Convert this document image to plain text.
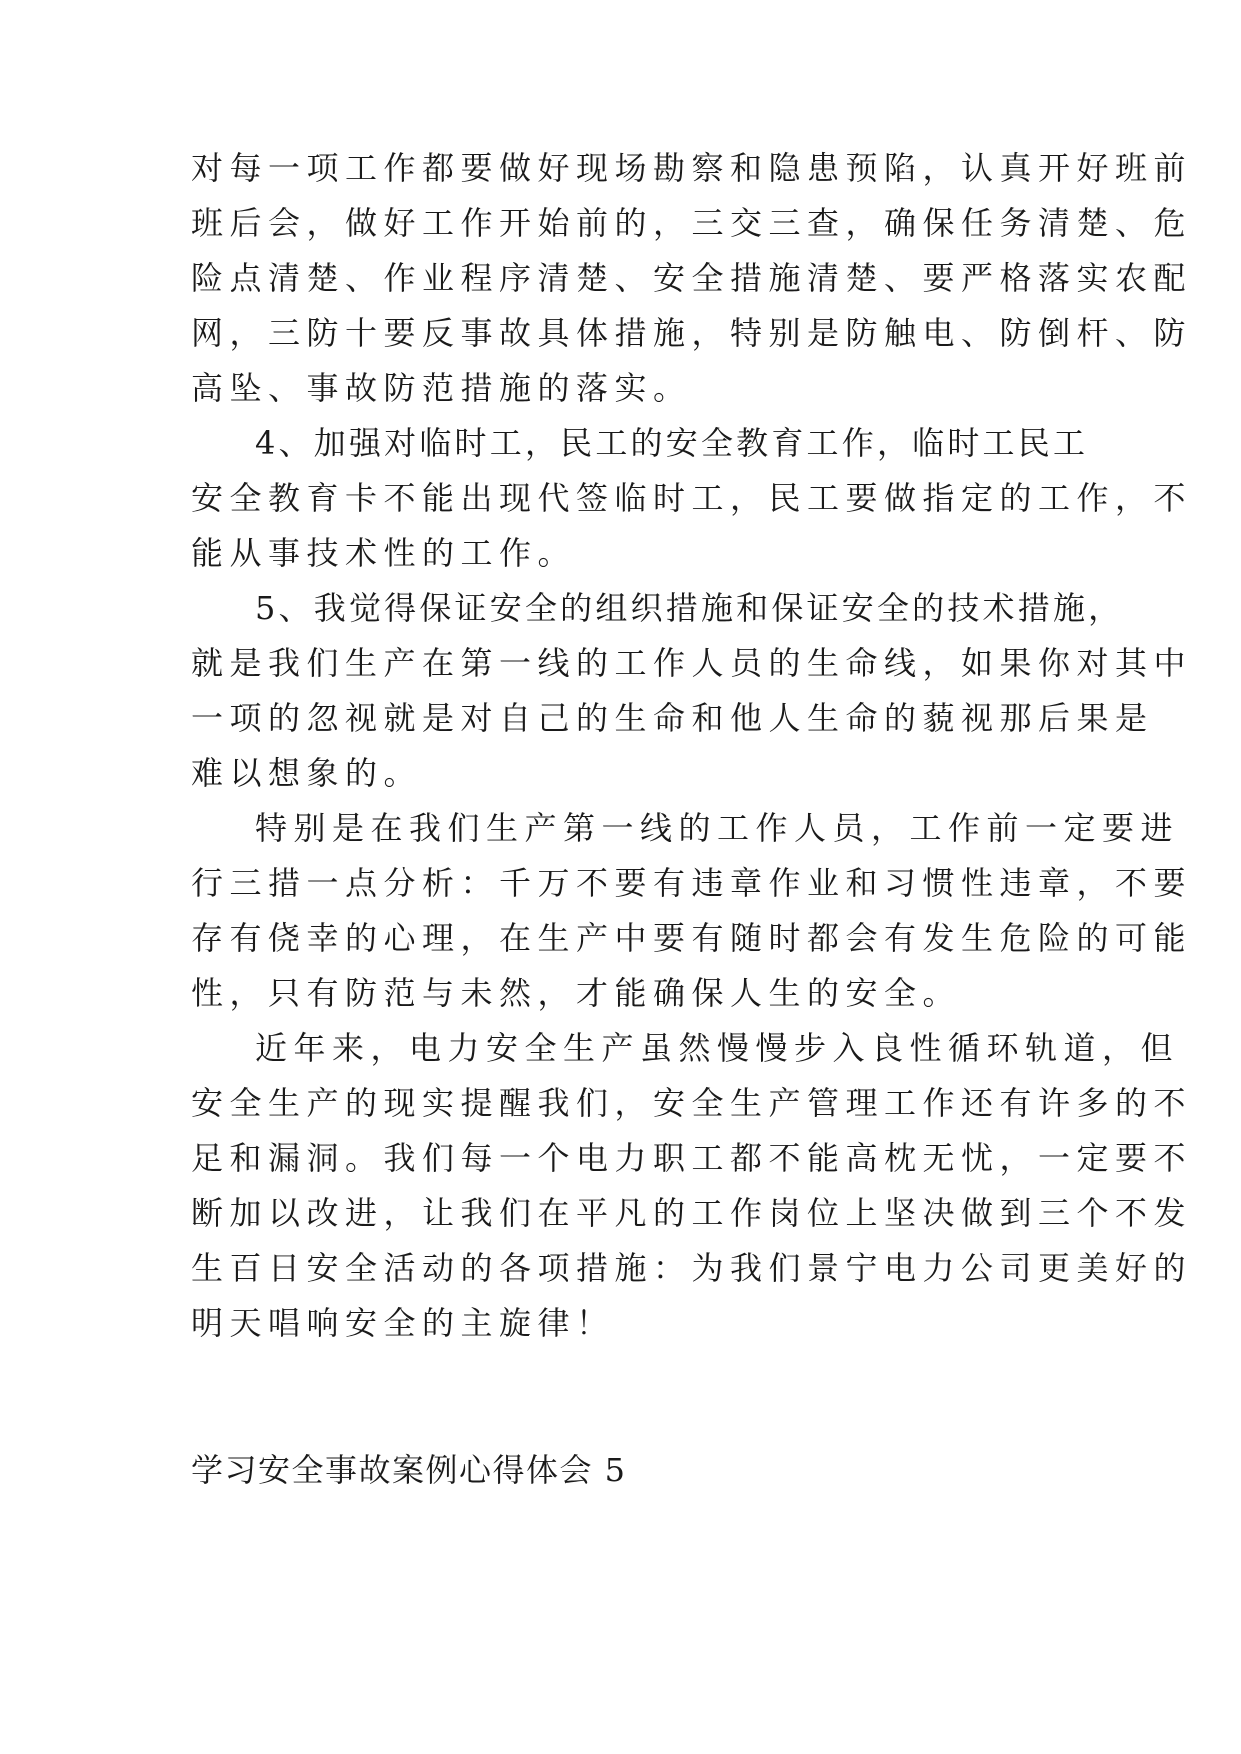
对每一项工作都要做好现场勘察和隐患预陷，认真开好班前
班后会，做好工作开始前的，三交三查，确保任务清楚、危
险点清楚、作业程序清楚、安全措施清楚、要严格落实农配
网，三防十要反事故具体措施，特别是防触电、防倒杆、防
高坠、事故防范措施的落实。
4、加强对临时工，民工的安全教育工作，临时工民工
安全教育卡不能出现代签临时工，民工要做指定的工作，不
能从事技术性的工作。
5、我觉得保证安全的组织措施和保证安全的技术措施，
就是我们生产在第一线的工作人员的生命线，如果你对其中
一项的忽视就是对自己的生命和他人生命的藐视那后果是
难以想象的。
特别是在我们生产第一线的工作人员，工作前一定要进
行三措一点分析：千万不要有违章作业和习惯性违章，不要
存有侥幸的心理，在生产中要有随时都会有发生危险的可能
性，只有防范与未然，才能确保人生的安全。
近年来，电力安全生产虽然慢慢步入良性循环轨道，但
安全生产的现实提醒我们，安全生产管理工作还有许多的不
足和漏洞。我们每一个电力职工都不能高枕无忧，一定要不
断加以改进，让我们在平凡的工作岗位上坚决做到三个不发
生百日安全活动的各项措施：为我们景宁电力公司更美好的
明天唱响安全的主旋律！
学习安全事故案例心得体会 5
